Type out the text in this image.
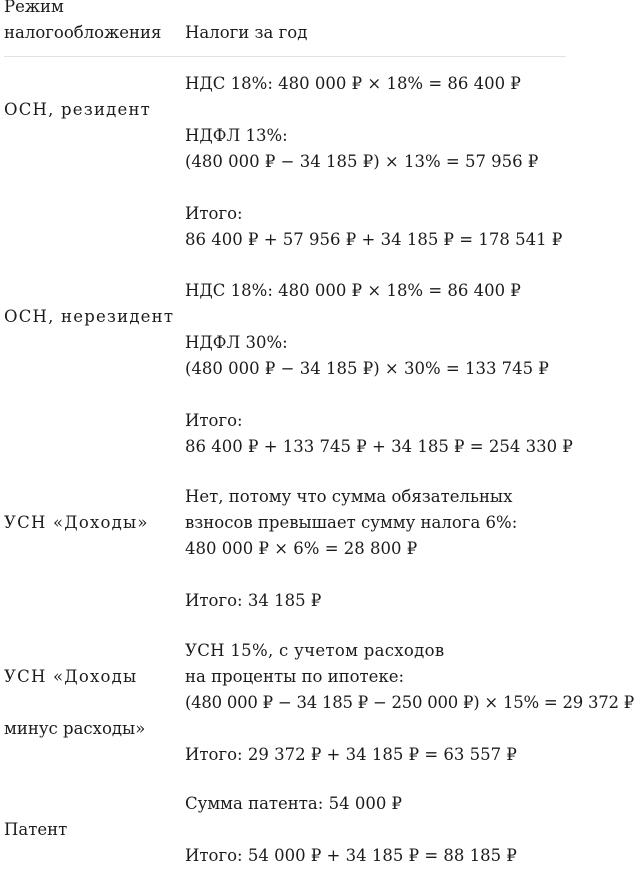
Режим
налогообложения	Налоги за год

ОСН, резидент

НДС 18%: 480 000 ₽ × 18% = 86 400 ₽
НДФЛ 13%:
(480 000 ₽ − 34 185 ₽) × 13% = 57 956 ₽
Итого:
86 400 ₽ + 57 956 ₽ + 34 185 ₽ = 178 541 ₽

ОСН, нерезидент

НДС 18%: 480 000 ₽ × 18% = 86 400 ₽
НДФЛ 30%:
(480 000 ₽ − 34 185 ₽) × 30% = 133 745 ₽
Итого:
86 400 ₽ + 133 745 ₽ + 34 185 ₽ = 254 330 ₽

УСН «Доходы»

Нет, потому что сумма обязательных
взносов превышает сумму налога 6%:
480 000 ₽ × 6% = 28 800 ₽
Итого: 34 185 ₽

УСН «Доходы

минус расходы»

УСН 15%, с учетом расходов
на проценты по ипотеке:
(480 000 ₽ − 34 185 ₽ − 250 000 ₽) × 15% = 29 372 ₽
Итого: 29 372 ₽ + 34 185 ₽ = 63 557 ₽

Патент

Сумма патента: 54 000 ₽
Итого: 54 000 ₽ + 34 185 ₽ = 88 185 ₽
